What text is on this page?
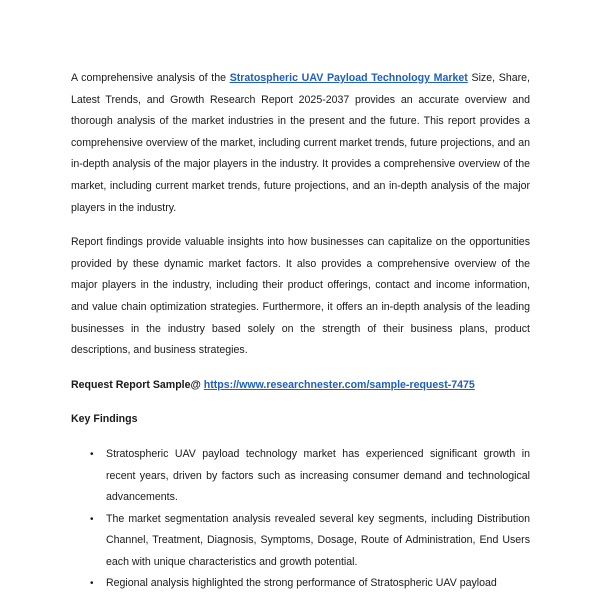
A comprehensive analysis of the Stratospheric UAV Payload Technology Market Size, Share, Latest Trends, and Growth Research Report 2025-2037 provides an accurate overview and thorough analysis of the market industries in the present and the future. This report provides a comprehensive overview of the market, including current market trends, future projections, and an in-depth analysis of the major players in the industry. It provides a comprehensive overview of the market, including current market trends, future projections, and an in-depth analysis of the major players in the industry.

Report findings provide valuable insights into how businesses can capitalize on the opportunities provided by these dynamic market factors. It also provides a comprehensive overview of the major players in the industry, including their product offerings, contact and income information, and value chain optimization strategies. Furthermore, it offers an in-depth analysis of the leading businesses in the industry based solely on the strength of their business plans, product descriptions, and business strategies.

Request Report Sample@ https://www.researchnester.com/sample-request-7475

Key Findings

• Stratospheric UAV payload technology market has experienced significant growth in recent years, driven by factors such as increasing consumer demand and technological advancements.
• The market segmentation analysis revealed several key segments, including Distribution Channel, Treatment, Diagnosis, Symptoms, Dosage, Route of Administration, End Users each with unique characteristics and growth potential.
• Regional analysis highlighted the strong performance of Stratospheric UAV payload
